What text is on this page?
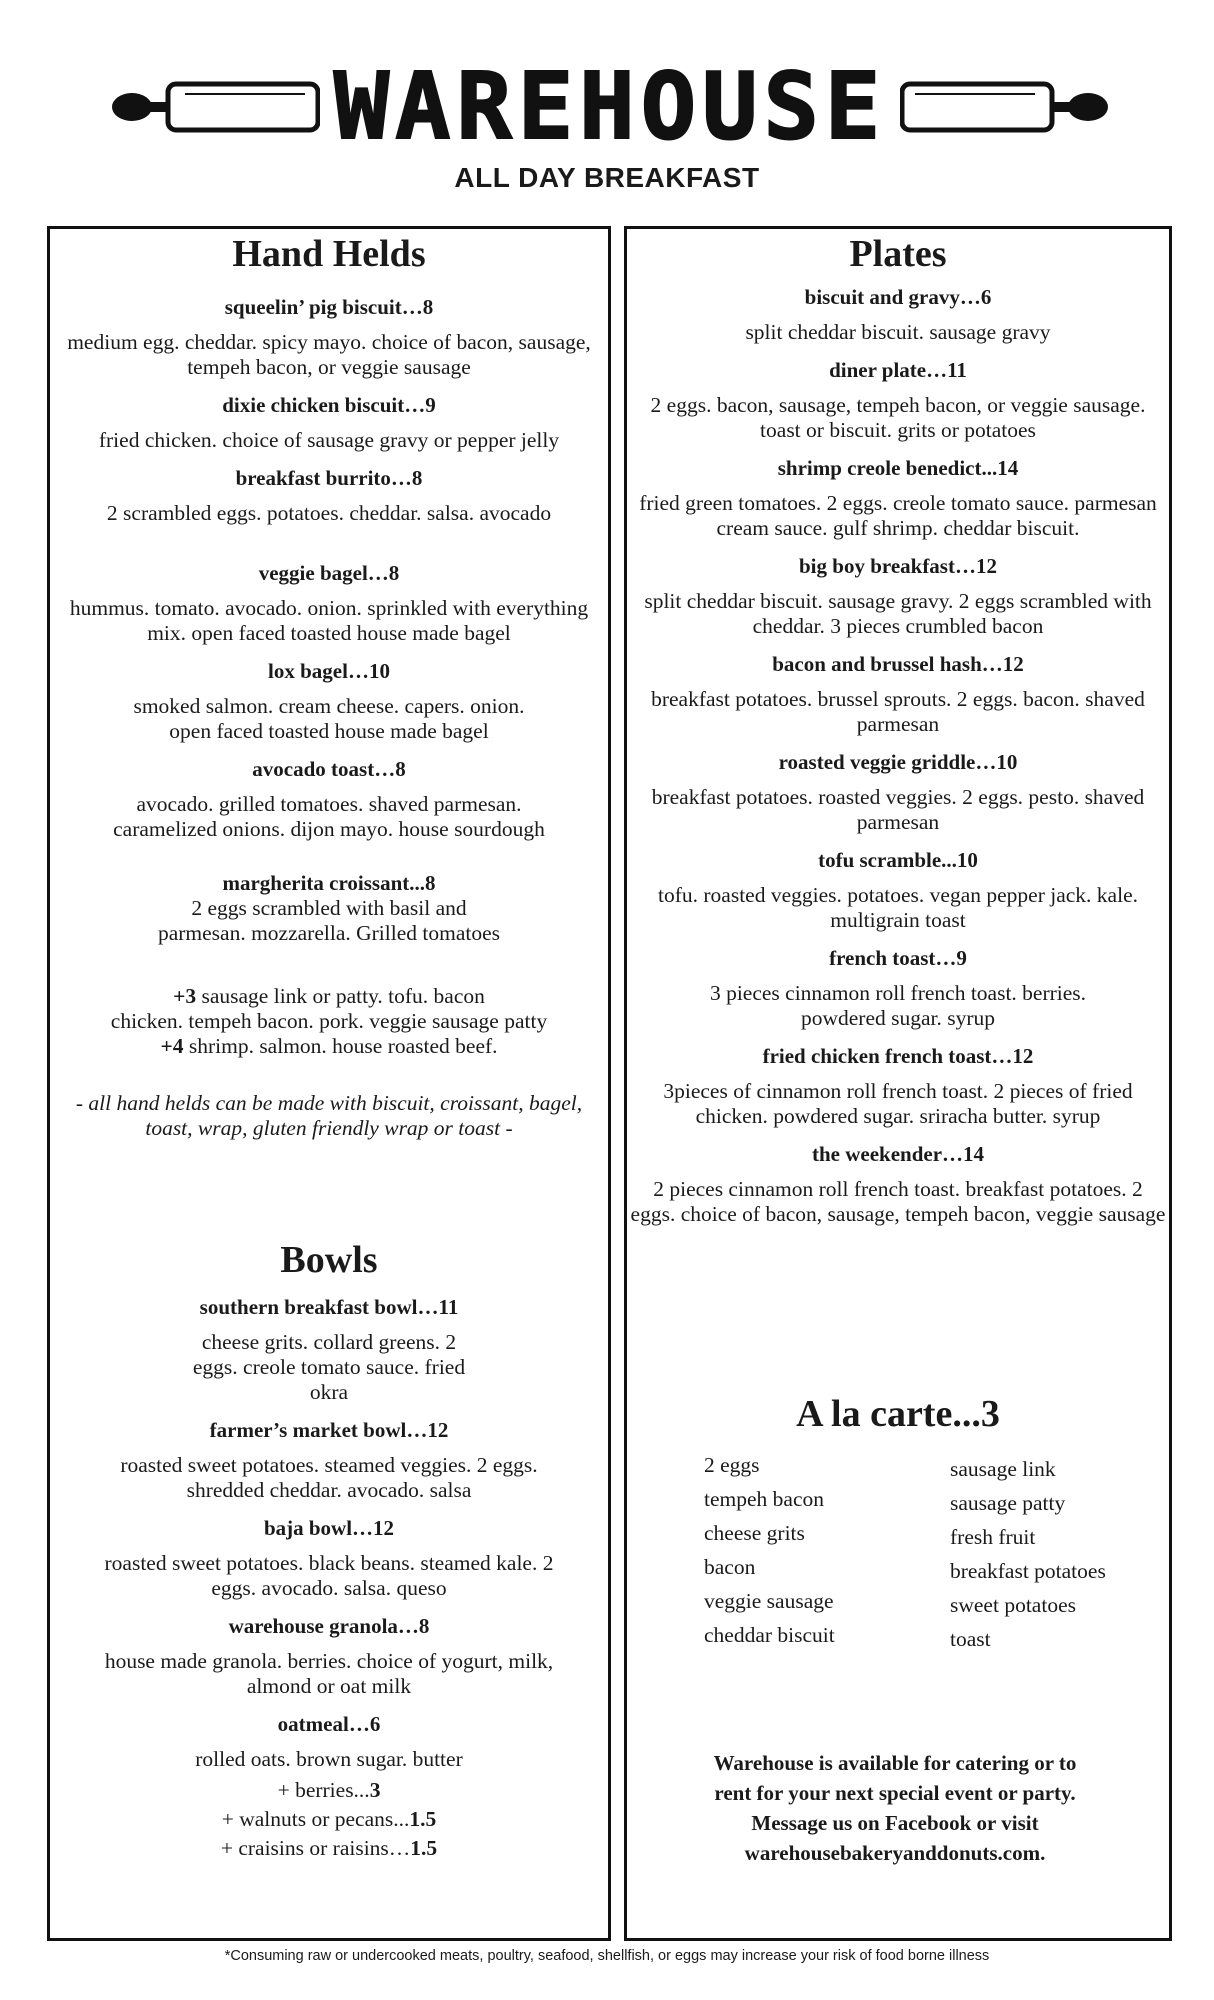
WAREHOUSE
ALL DAY BREAKFAST
Hand Helds

squeelin’ pig biscuit…8

medium egg. cheddar. spicy mayo. choice of bacon, sausage, tempeh bacon, or veggie sausage

dixie chicken biscuit…9

fried chicken. choice of sausage gravy or pepper jelly

breakfast burrito…8

2 scrambled eggs. potatoes. cheddar. salsa. avocado

veggie bagel…8

hummus. tomato. avocado. onion. sprinkled with everything mix. open faced toasted house made bagel

lox bagel…10

smoked salmon. cream cheese. capers. onion. open faced toasted house made bagel

avocado toast…8

avocado. grilled tomatoes. shaved parmesan. caramelized onions. dijon mayo. house sourdough

margherita croissant...8

2 eggs scrambled with basil and parmesan. mozzarella. Grilled tomatoes

+3 sausage link or patty. tofu. bacon
chicken. tempeh bacon. pork. veggie sausage patty
+4 shrimp. salmon. house roasted beef.
- all hand helds can be made with biscuit, croissant, bagel, toast, wrap, gluten friendly wrap or toast -
Bowls

southern breakfast bowl…11

cheese grits. collard greens. 2 eggs. creole tomato sauce. fried okra

farmer’s market bowl…12

roasted sweet potatoes. steamed veggies. 2 eggs. shredded cheddar. avocado. salsa

baja bowl…12

roasted sweet potatoes. black beans. steamed kale. 2 eggs. avocado. salsa. queso

warehouse granola…8

house made granola. berries. choice of yogurt, milk, almond or oat milk

oatmeal…6

rolled oats. brown sugar. butter

+ berries...3
+ walnuts or pecans...1.5
+ craisins or raisins…1.5
Plates

biscuit and gravy…6

split cheddar biscuit. sausage gravy

diner plate…11

2 eggs. bacon, sausage, tempeh bacon, or veggie sausage. toast or biscuit. grits or potatoes

shrimp creole benedict...14

fried green tomatoes. 2 eggs. creole tomato sauce. parmesan cream sauce. gulf shrimp. cheddar biscuit.

big boy breakfast…12

split cheddar biscuit. sausage gravy. 2 eggs scrambled with cheddar. 3 pieces crumbled bacon

bacon and brussel hash…12

breakfast potatoes. brussel sprouts. 2 eggs. bacon. shaved parmesan

roasted veggie griddle…10

breakfast potatoes. roasted veggies. 2 eggs. pesto. shaved parmesan

tofu scramble...10

tofu. roasted veggies. potatoes. vegan pepper jack. kale. multigrain toast

french toast…9

3 pieces cinnamon roll french toast. berries. powdered sugar. syrup

fried chicken french toast…12

3pieces of cinnamon roll french toast. 2 pieces of fried chicken. powdered sugar. sriracha butter. syrup

the weekender…14

2 pieces cinnamon roll french toast. breakfast potatoes. 2 eggs. choice of bacon, sausage, tempeh bacon, veggie sausage

A la carte...3
2 eggs
tempeh bacon
cheese grits
bacon
veggie sausage
cheddar biscuit
sausage link
sausage patty
fresh fruit
breakfast potatoes
sweet potatoes
toast
Warehouse is available for catering or to
rent for your next special event or party.
Message us on Facebook or visit
warehousebakeryanddonuts.com.
*Consuming raw or undercooked meats, poultry, seafood, shellfish, or eggs may increase your risk of food borne illness
